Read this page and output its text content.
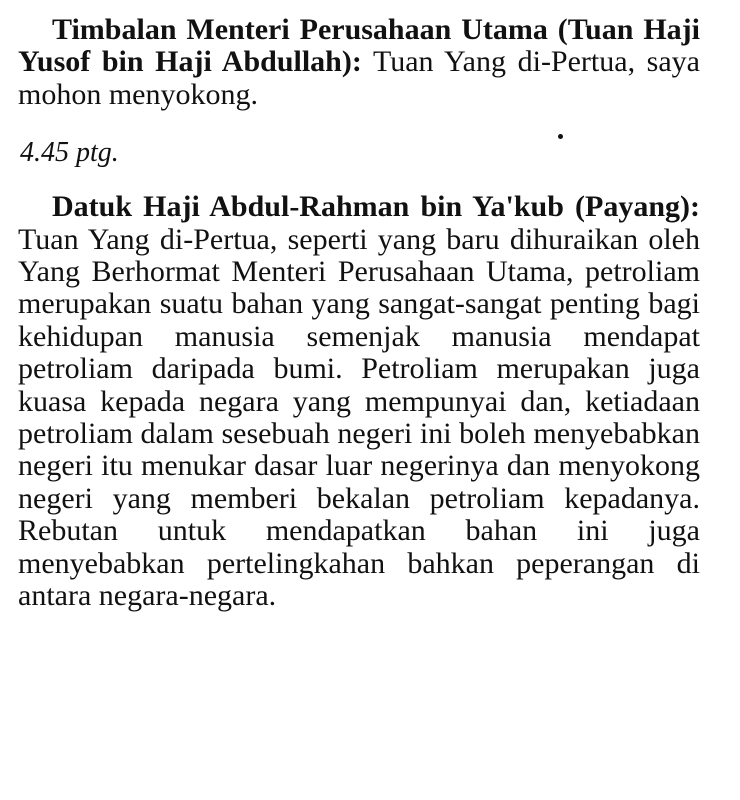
Timbalan Menteri Perusahaan Utama (Tuan Haji Yusof bin Haji Abdullah): Tuan Yang di-Pertua, saya mohon menyokong.

4.45 ptg.

Datuk Haji Abdul-Rahman bin Ya'kub (Payang): Tuan Yang di-Pertua, seperti yang baru dihuraikan oleh Yang Berhormat Menteri Perusahaan Utama, petroliam merupakan suatu bahan yang sangat-sangat penting bagi kehidupan manusia semenjak manusia mendapat petroliam daripada bumi. Petroliam merupakan juga kuasa kepada negara yang mempunyai dan, ketiadaan petroliam dalam sesebuah negeri ini boleh menyebabkan negeri itu menukar dasar luar negerinya dan menyokong negeri yang memberi bekalan petroliam kepadanya. Rebutan untuk mendapatkan bahan ini juga menyebabkan pertelingkahan bahkan peperangan di antara negara-negara.
